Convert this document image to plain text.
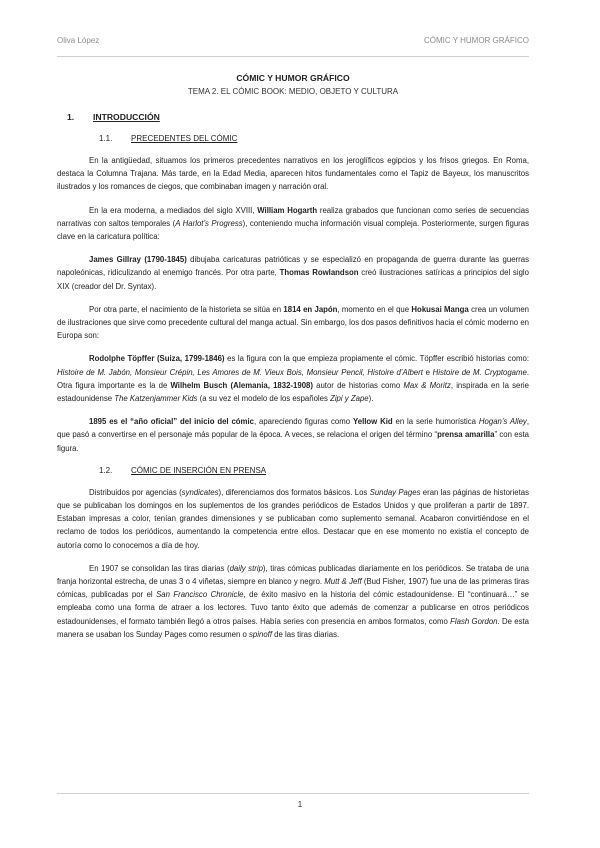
Oliva López	CÓMIC Y HUMOR GRÁFICO
CÓMIC Y HUMOR GRÁFICO

TEMA 2. EL CÓMIC BOOK: MEDIO, OBJETO Y CULTURA

1.	INTRODUCCIÓN
1.1.	PRECEDENTES DEL CÓMIC

En la antigüedad, situamos los primeros precedentes narrativos en los jeroglíficos egipcios y los frisos griegos. En Roma, destaca la Columna Trajana. Más tarde, en la Edad Media, aparecen hitos fundamentales como el Tapiz de Bayeux, los manuscritos ilustrados y los romances de ciegos, que combinaban imagen y narración oral.

En la era moderna, a mediados del siglo XVIII, William Hogarth realiza grabados que funcionan como series de secuencias narrativas con saltos temporales (A Harlot’s Progress), conteniendo mucha información visual compleja. Posteriormente, surgen figuras clave en la caricatura política:

James Gillray (1790-1845) dibujaba caricaturas patrióticas y se especializó en propaganda de guerra durante las guerras napoleónicas, ridiculizando al enemigo francés. Por otra parte, Thomas Rowlandson creó ilustraciones satíricas a principios del siglo XIX (creador del Dr. Syntax).

Por otra parte, el nacimiento de la historieta se sitúa en 1814 en Japón, momento en el que Hokusai Manga crea un volumen de ilustraciones que sirve como precedente cultural del manga actual. Sin embargo, los dos pasos definitivos hacia el cómic moderno en Europa son:

Rodolphe Töpffer (Suiza, 1799-1846) es la figura con la que empieza propiamente el cómic. Töpffer escribió historias como: Histoire de M. Jabón, Monsieur Crépin, Les Amores de M. Vieux Bois, Monsieur Pencil, Histoire d’Albert e Histoire de M. Cryptogame. Otra figura importante es la de Wilhelm Busch (Alemania, 1832-1908) autor de historias como Max & Moritz, inspirada en la serie estadounidense The Katzenjammer Kids (a su vez el modelo de los españoles Zipi y Zape).

1895 es el “año oficial” del inicio del cómic, apareciendo figuras como Yellow Kid en la serie humorística Hogan’s Alley, que pasó a convertirse en el personaje más popular de la época. A veces, se relaciona el origen del término “prensa amarilla” con esta figura.

1.2.	CÓMIC DE INSERCIÓN EN PRENSA

Distribuidos por agencias (syndicates), diferenciamos dos formatos básicos. Los Sunday Pages eran las páginas de historietas que se publicaban los domingos en los suplementos de los grandes periódicos de Estados Unidos y que proliferan a partir de 1897. Estaban impresas a color, tenían grandes dimensiones y se publicaban como suplemento semanal. Acabaron convirtiéndose en el reclamo de todos los periódicos, aumentando la competencia entre ellos. Destacar que en ese momento no existía el concepto de autoría como lo conocemos a día de hoy.

En 1907 se consolidan las tiras diarias (daily strip), tiras cómicas publicadas diariamente en los periódicos. Se trataba de una franja horizontal estrecha, de unas 3 o 4 viñetas, siempre en blanco y negro. Mutt & Jeff (Bud Fisher, 1907) fue una de las primeras tiras cómicas, publicadas por el San Francisco Chronicle, de éxito masivo en la historia del cómic estadounidense. El “continuará…” se empleaba como una forma de atraer a los lectores. Tuvo tanto éxito que además de comenzar a publicarse en otros periódicos estadounidenses, el formato también llegó a otros países. Había series con presencia en ambos formatos, como Flash Gordon. De esta manera se usaban los Sunday Pages como resumen o spinoff de las tiras diarias.

1
